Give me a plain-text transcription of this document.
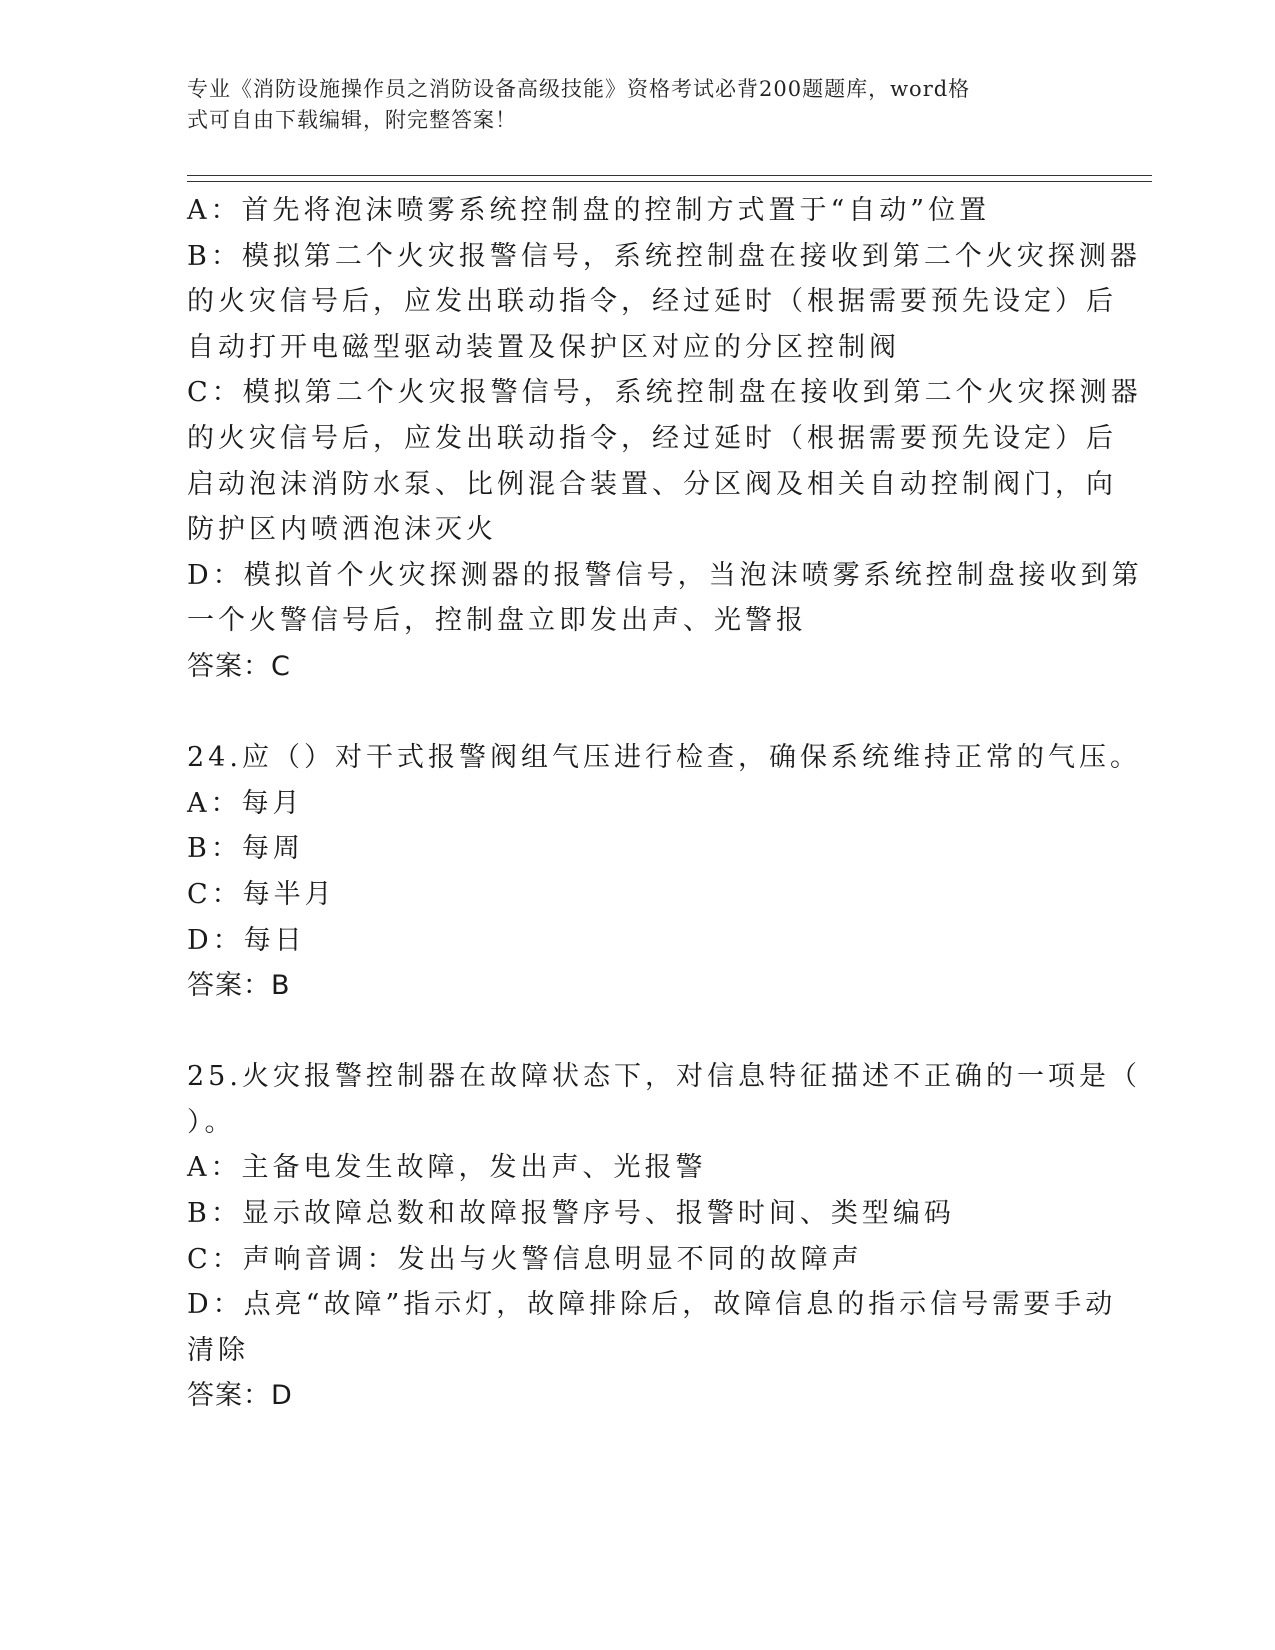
专业《消防设施操作员之消防设备高级技能》资格考试必背200题题库，word格
式可自由下载编辑，附完整答案！
A：首先将泡沫喷雾系统控制盘的控制方式置于“自动”位置
B：模拟第二个火灾报警信号，系统控制盘在接收到第二个火灾探测器
的火灾信号后，应发出联动指令，经过延时（根据需要预先设定）后
自动打开电磁型驱动装置及保护区对应的分区控制阀
C：模拟第二个火灾报警信号，系统控制盘在接收到第二个火灾探测器
的火灾信号后，应发出联动指令，经过延时（根据需要预先设定）后
启动泡沫消防水泵、比例混合装置、分区阀及相关自动控制阀门，向
防护区内喷洒泡沫灭火
D：模拟首个火灾探测器的报警信号，当泡沫喷雾系统控制盘接收到第
一个火警信号后，控制盘立即发出声、光警报
答案：C
24.应（）对干式报警阀组气压进行检查，确保系统维持正常的气压。
A：每月
B：每周
C：每半月
D：每日
答案：B
25.火灾报警控制器在故障状态下，对信息特征描述不正确的一项是（
）。
A：主备电发生故障，发出声、光报警
B：显示故障总数和故障报警序号、报警时间、类型编码
C：声响音调：发出与火警信息明显不同的故障声
D：点亮“故障”指示灯，故障排除后，故障信息的指示信号需要手动
清除
答案：D
